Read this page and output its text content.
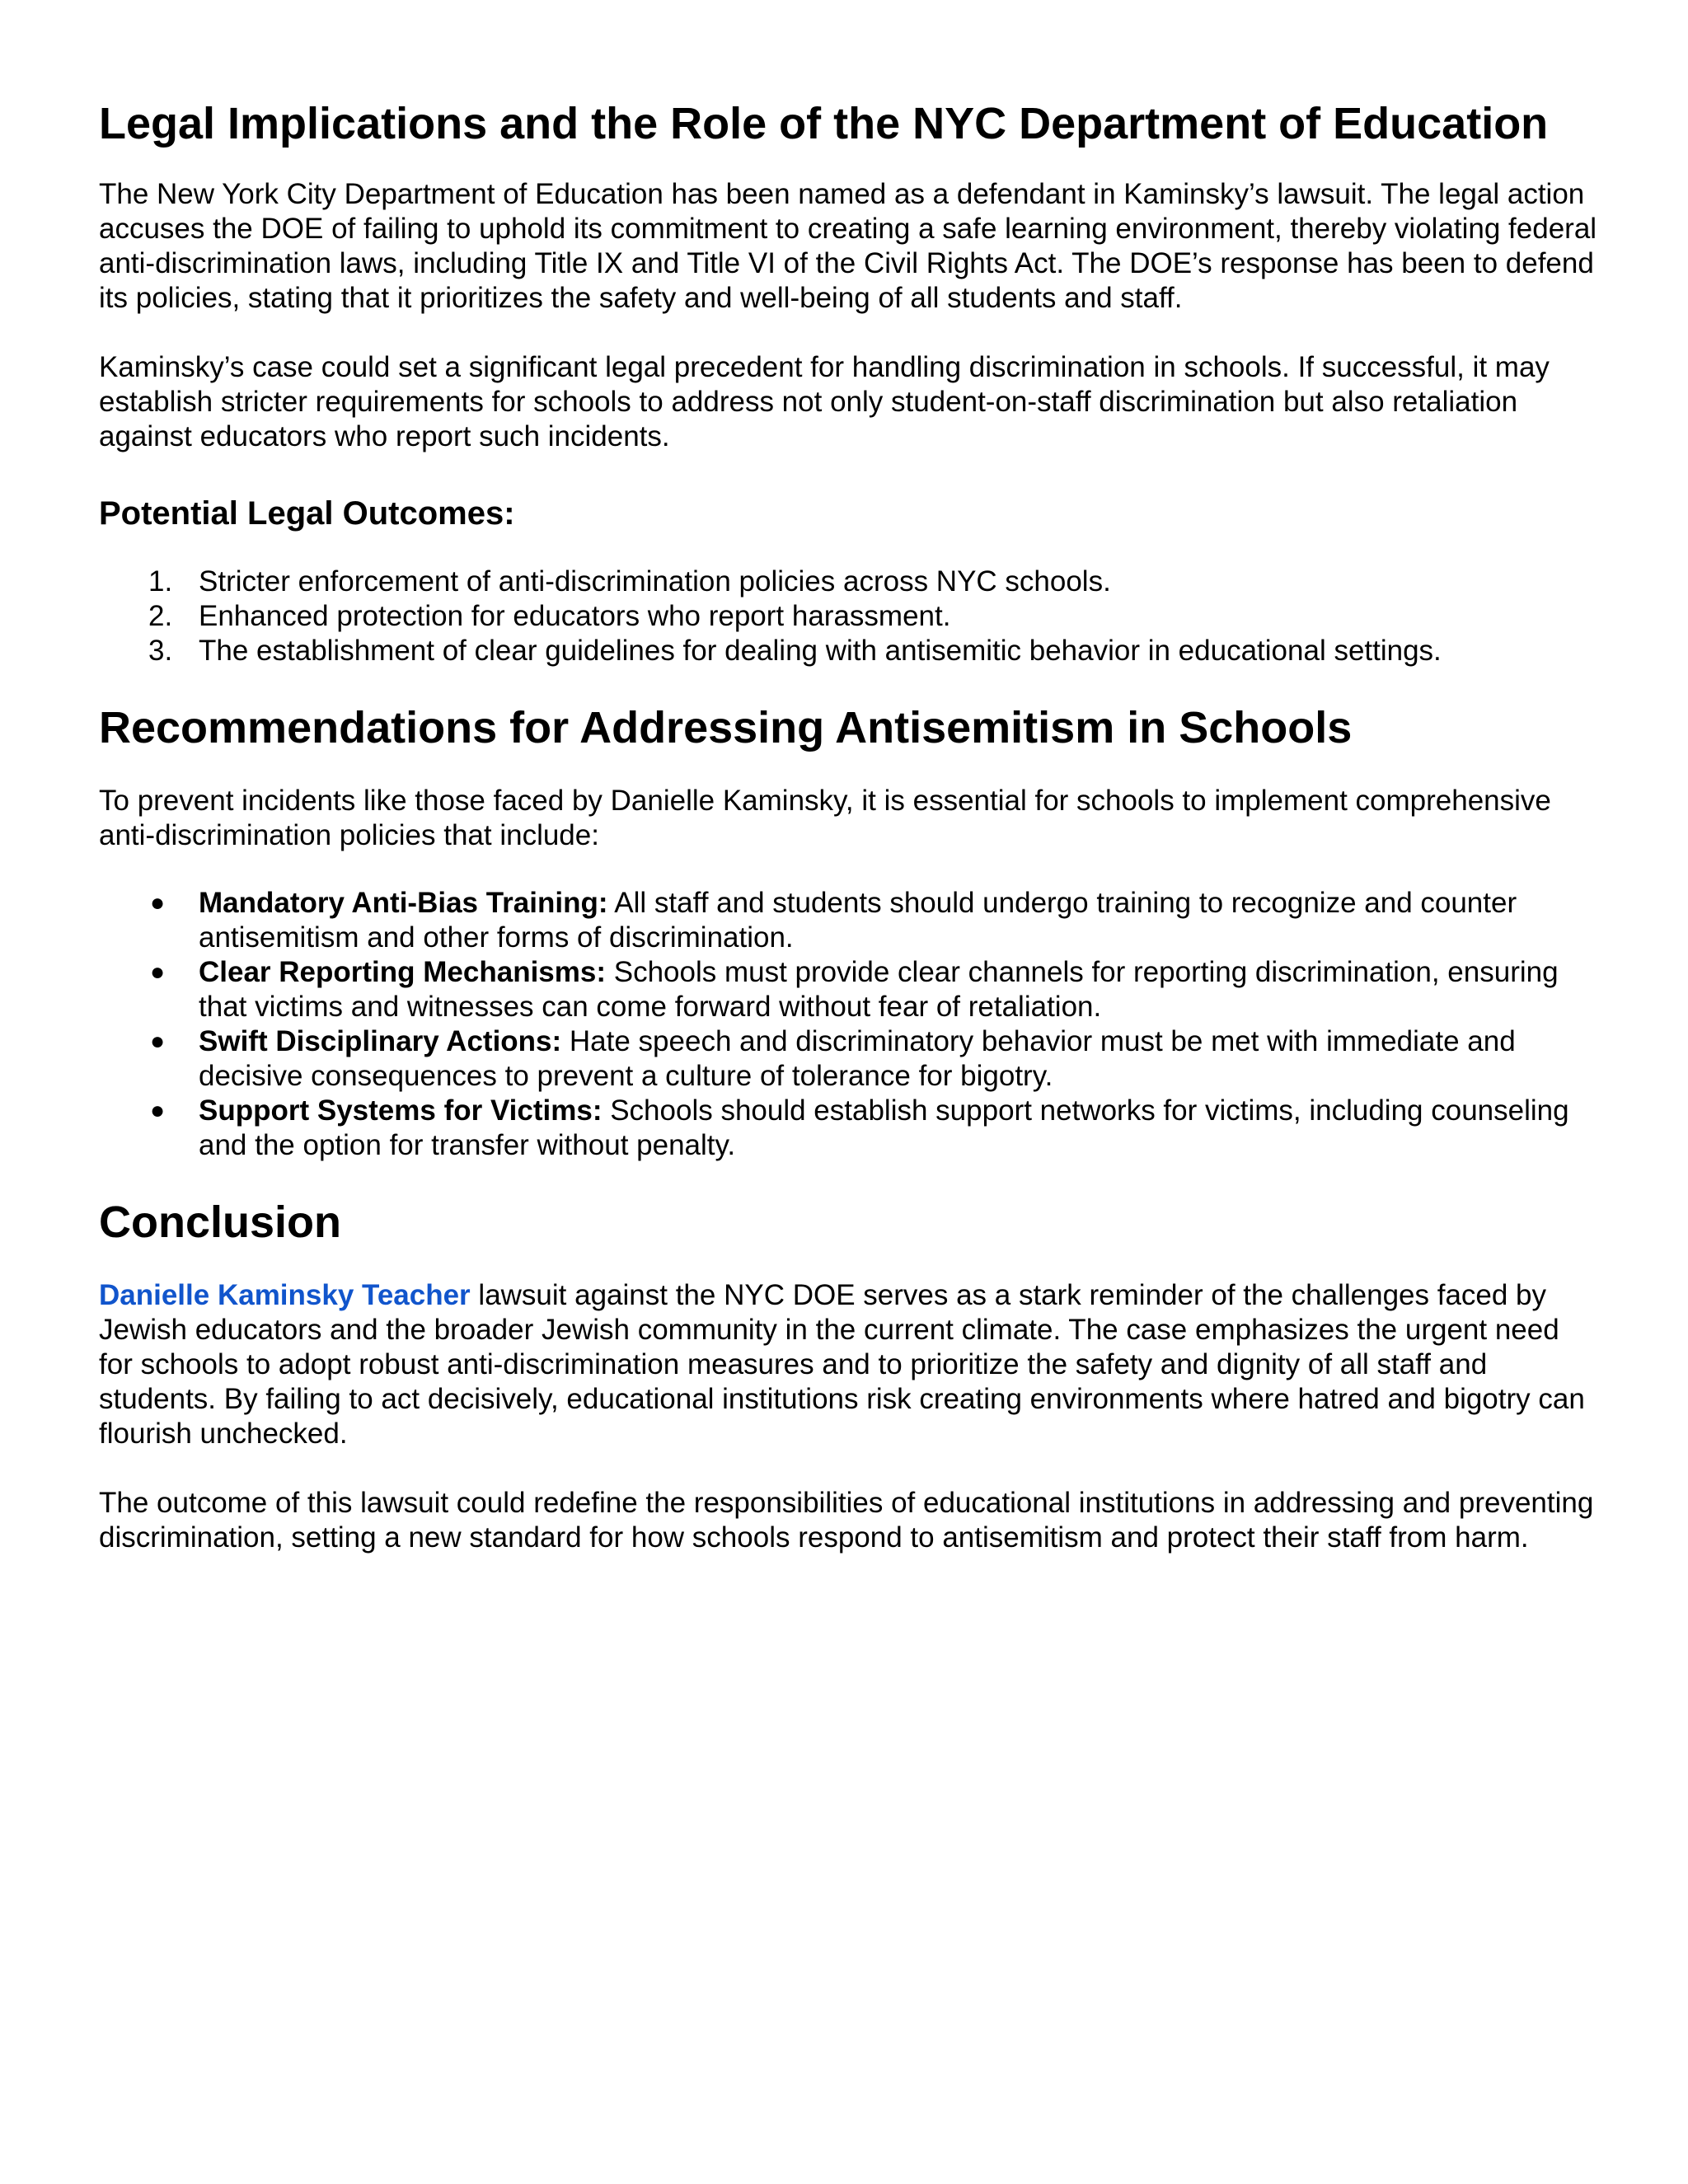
Legal Implications and the Role of the NYC Department of Education

The New York City Department of Education has been named as a defendant in Kaminsky’s lawsuit. The legal action accuses the DOE of failing to uphold its commitment to creating a safe learning environment, thereby violating federal anti-discrimination laws, including Title IX and Title VI of the Civil Rights Act. The DOE’s response has been to defend its policies, stating that it prioritizes the safety and well-being of all students and staff.

Kaminsky’s case could set a significant legal precedent for handling discrimination in schools. If successful, it may establish stricter requirements for schools to address not only student-on-staff discrimination but also retaliation against educators who report such incidents.

Potential Legal Outcomes:
1. Stricter enforcement of anti-discrimination policies across NYC schools.
2. Enhanced protection for educators who report harassment.
3. The establishment of clear guidelines for dealing with antisemitic behavior in educational settings.
Recommendations for Addressing Antisemitism in Schools

To prevent incidents like those faced by Danielle Kaminsky, it is essential for schools to implement comprehensive anti-discrimination policies that include:

● Mandatory Anti-Bias Training: All staff and students should undergo training to recognize and counter antisemitism and other forms of discrimination.
● Clear Reporting Mechanisms: Schools must provide clear channels for reporting discrimination, ensuring that victims and witnesses can come forward without fear of retaliation.
● Swift Disciplinary Actions: Hate speech and discriminatory behavior must be met with immediate and decisive consequences to prevent a culture of tolerance for bigotry.
● Support Systems for Victims: Schools should establish support networks for victims, including counseling and the option for transfer without penalty.
Conclusion

Danielle Kaminsky Teacher lawsuit against the NYC DOE serves as a stark reminder of the challenges faced by Jewish educators and the broader Jewish community in the current climate. The case emphasizes the urgent need for schools to adopt robust anti-discrimination measures and to prioritize the safety and dignity of all staff and students. By failing to act decisively, educational institutions risk creating environments where hatred and bigotry can flourish unchecked.

The outcome of this lawsuit could redefine the responsibilities of educational institutions in addressing and preventing discrimination, setting a new standard for how schools respond to antisemitism and protect their staff from harm.
